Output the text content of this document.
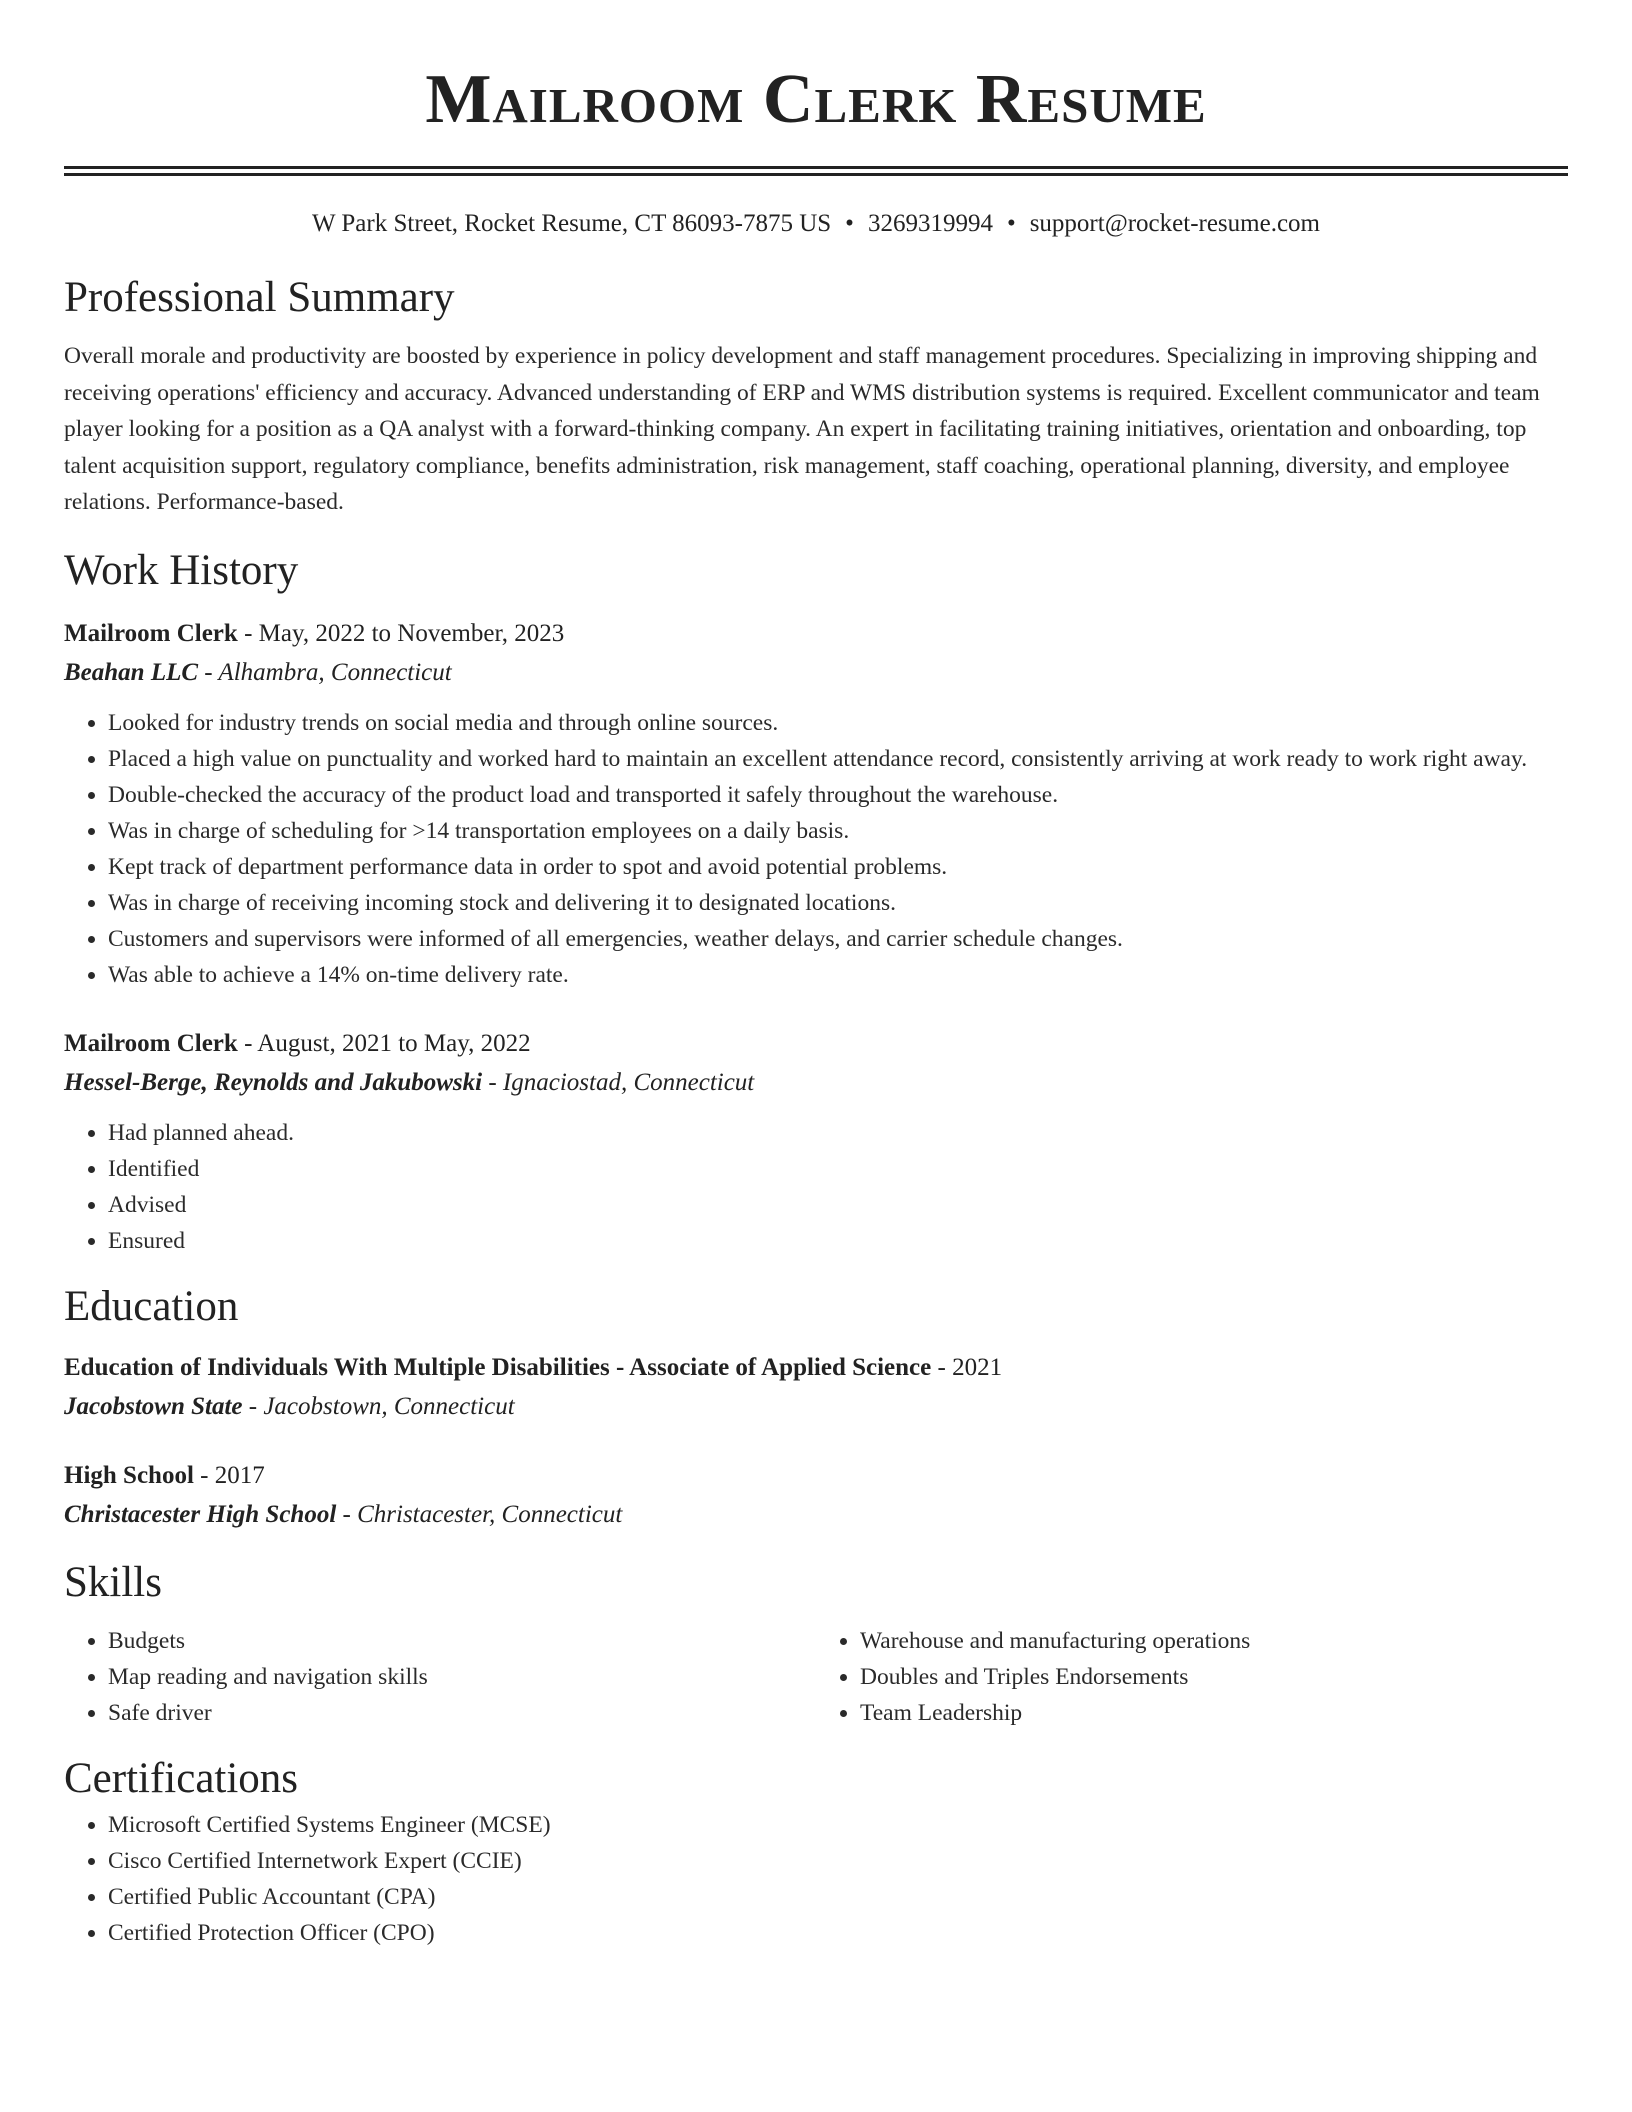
Mailroom Clerk Resume
W Park Street, Rocket Resume, CT 86093-7875 US • 3269319994 • support@rocket-resume.com
Professional Summary

Overall morale and productivity are boosted by experience in policy development and staff management procedures. Specializing in improving shipping and receiving operations' efficiency and accuracy. Advanced understanding of ERP and WMS distribution systems is required. Excellent communicator and team player looking for a position as a QA analyst with a forward-thinking company. An expert in facilitating training initiatives, orientation and onboarding, top talent acquisition support, regulatory compliance, benefits administration, risk management, staff coaching, operational planning, diversity, and employee relations. Performance-based.

Work History
Mailroom Clerk - May, 2022 to November, 2023
Beahan LLC - Alhambra, Connecticut
• Looked for industry trends on social media and through online sources.
• Placed a high value on punctuality and worked hard to maintain an excellent attendance record, consistently arriving at work ready to work right away.
• Double-checked the accuracy of the product load and transported it safely throughout the warehouse.
• Was in charge of scheduling for >14 transportation employees on a daily basis.
• Kept track of department performance data in order to spot and avoid potential problems.
• Was in charge of receiving incoming stock and delivering it to designated locations.
• Customers and supervisors were informed of all emergencies, weather delays, and carrier schedule changes.
• Was able to achieve a 14% on-time delivery rate.
Mailroom Clerk - August, 2021 to May, 2022
Hessel-Berge, Reynolds and Jakubowski - Ignaciostad, Connecticut
• Had planned ahead.
• Identified
• Advised
• Ensured
Education
Education of Individuals With Multiple Disabilities - Associate of Applied Science - 2021
Jacobstown State - Jacobstown, Connecticut
High School - 2017
Christacester High School - Christacester, Connecticut
Skills
• Budgets
• Map reading and navigation skills
• Safe driver
• Warehouse and manufacturing operations
• Doubles and Triples Endorsements
• Team Leadership
Certifications
• Microsoft Certified Systems Engineer (MCSE)
• Cisco Certified Internetwork Expert (CCIE)
• Certified Public Accountant (CPA)
• Certified Protection Officer (CPO)
